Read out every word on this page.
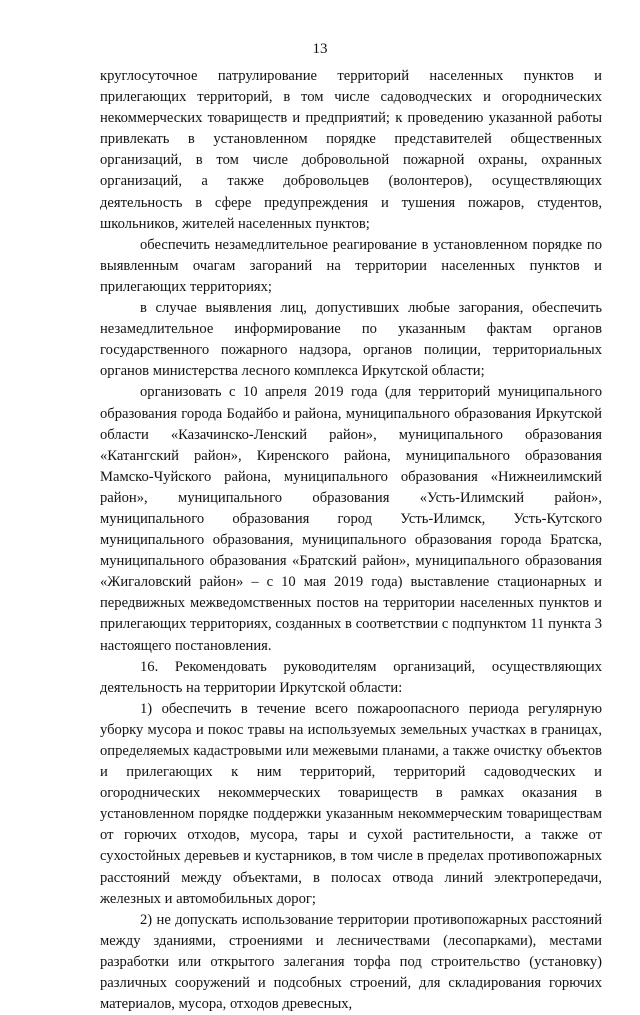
13

круглосуточное патрулирование территорий населенных пунктов и прилегающих территорий, в том числе садоводческих и огороднических некоммерческих товариществ и предприятий; к проведению указанной работы привлекать в установленном порядке представителей общественных организаций, в том числе добровольной пожарной охраны, охранных организаций, а также добровольцев (волонтеров), осуществляющих деятельность в сфере предупреждения и тушения пожаров, студентов, школьников, жителей населенных пунктов;

обеспечить незамедлительное реагирование в установленном порядке по выявленным очагам загораний на территории населенных пунктов и прилегающих территориях;

в случае выявления лиц, допустивших любые загорания, обеспечить незамедлительное информирование по указанным фактам органов государственного пожарного надзора, органов полиции, территориальных органов министерства лесного комплекса Иркутской области;

организовать с 10 апреля 2019 года (для территорий муниципального образования города Бодайбо и района, муниципального образования Иркутской области «Казачинско-Ленский район», муниципального образования «Катангский район», Киренского района, муниципального образования Мамско-Чуйского района, муниципального образования «Нижнеилимский район», муниципального образования «Усть-Илимский район», муниципального образования город Усть-Илимск, Усть-Кутского муниципального образования, муниципального образования города Братска, муниципального образования «Братский район», муниципального образования «Жигаловский район» – с 10 мая 2019 года) выставление стационарных и передвижных межведомственных постов на территории населенных пунктов и прилегающих территориях, созданных в соответствии с подпунктом 11 пункта 3 настоящего постановления.

16. Рекомендовать руководителям организаций, осуществляющих деятельность на территории Иркутской области:

1) обеспечить в течение всего пожароопасного периода регулярную уборку мусора и покос травы на используемых земельных участках в границах, определяемых кадастровыми или межевыми планами, а также очистку объектов и прилегающих к ним территорий, территорий садоводческих и огороднических некоммерческих товариществ в рамках оказания в установленном порядке поддержки указанным некоммерческим товариществам от горючих отходов, мусора, тары и сухой растительности, а также от сухостойных деревьев и кустарников, в том числе в пределах противопожарных расстояний между объектами, в полосах отвода линий электропередачи, железных и автомобильных дорог;

2) не допускать использование территории противопожарных расстояний между зданиями, строениями и лесничествами (лесопарками), местами разработки или открытого залегания торфа под строительство (установку) различных сооружений и подсобных строений, для складирования горючих материалов, мусора, отходов древесных,
